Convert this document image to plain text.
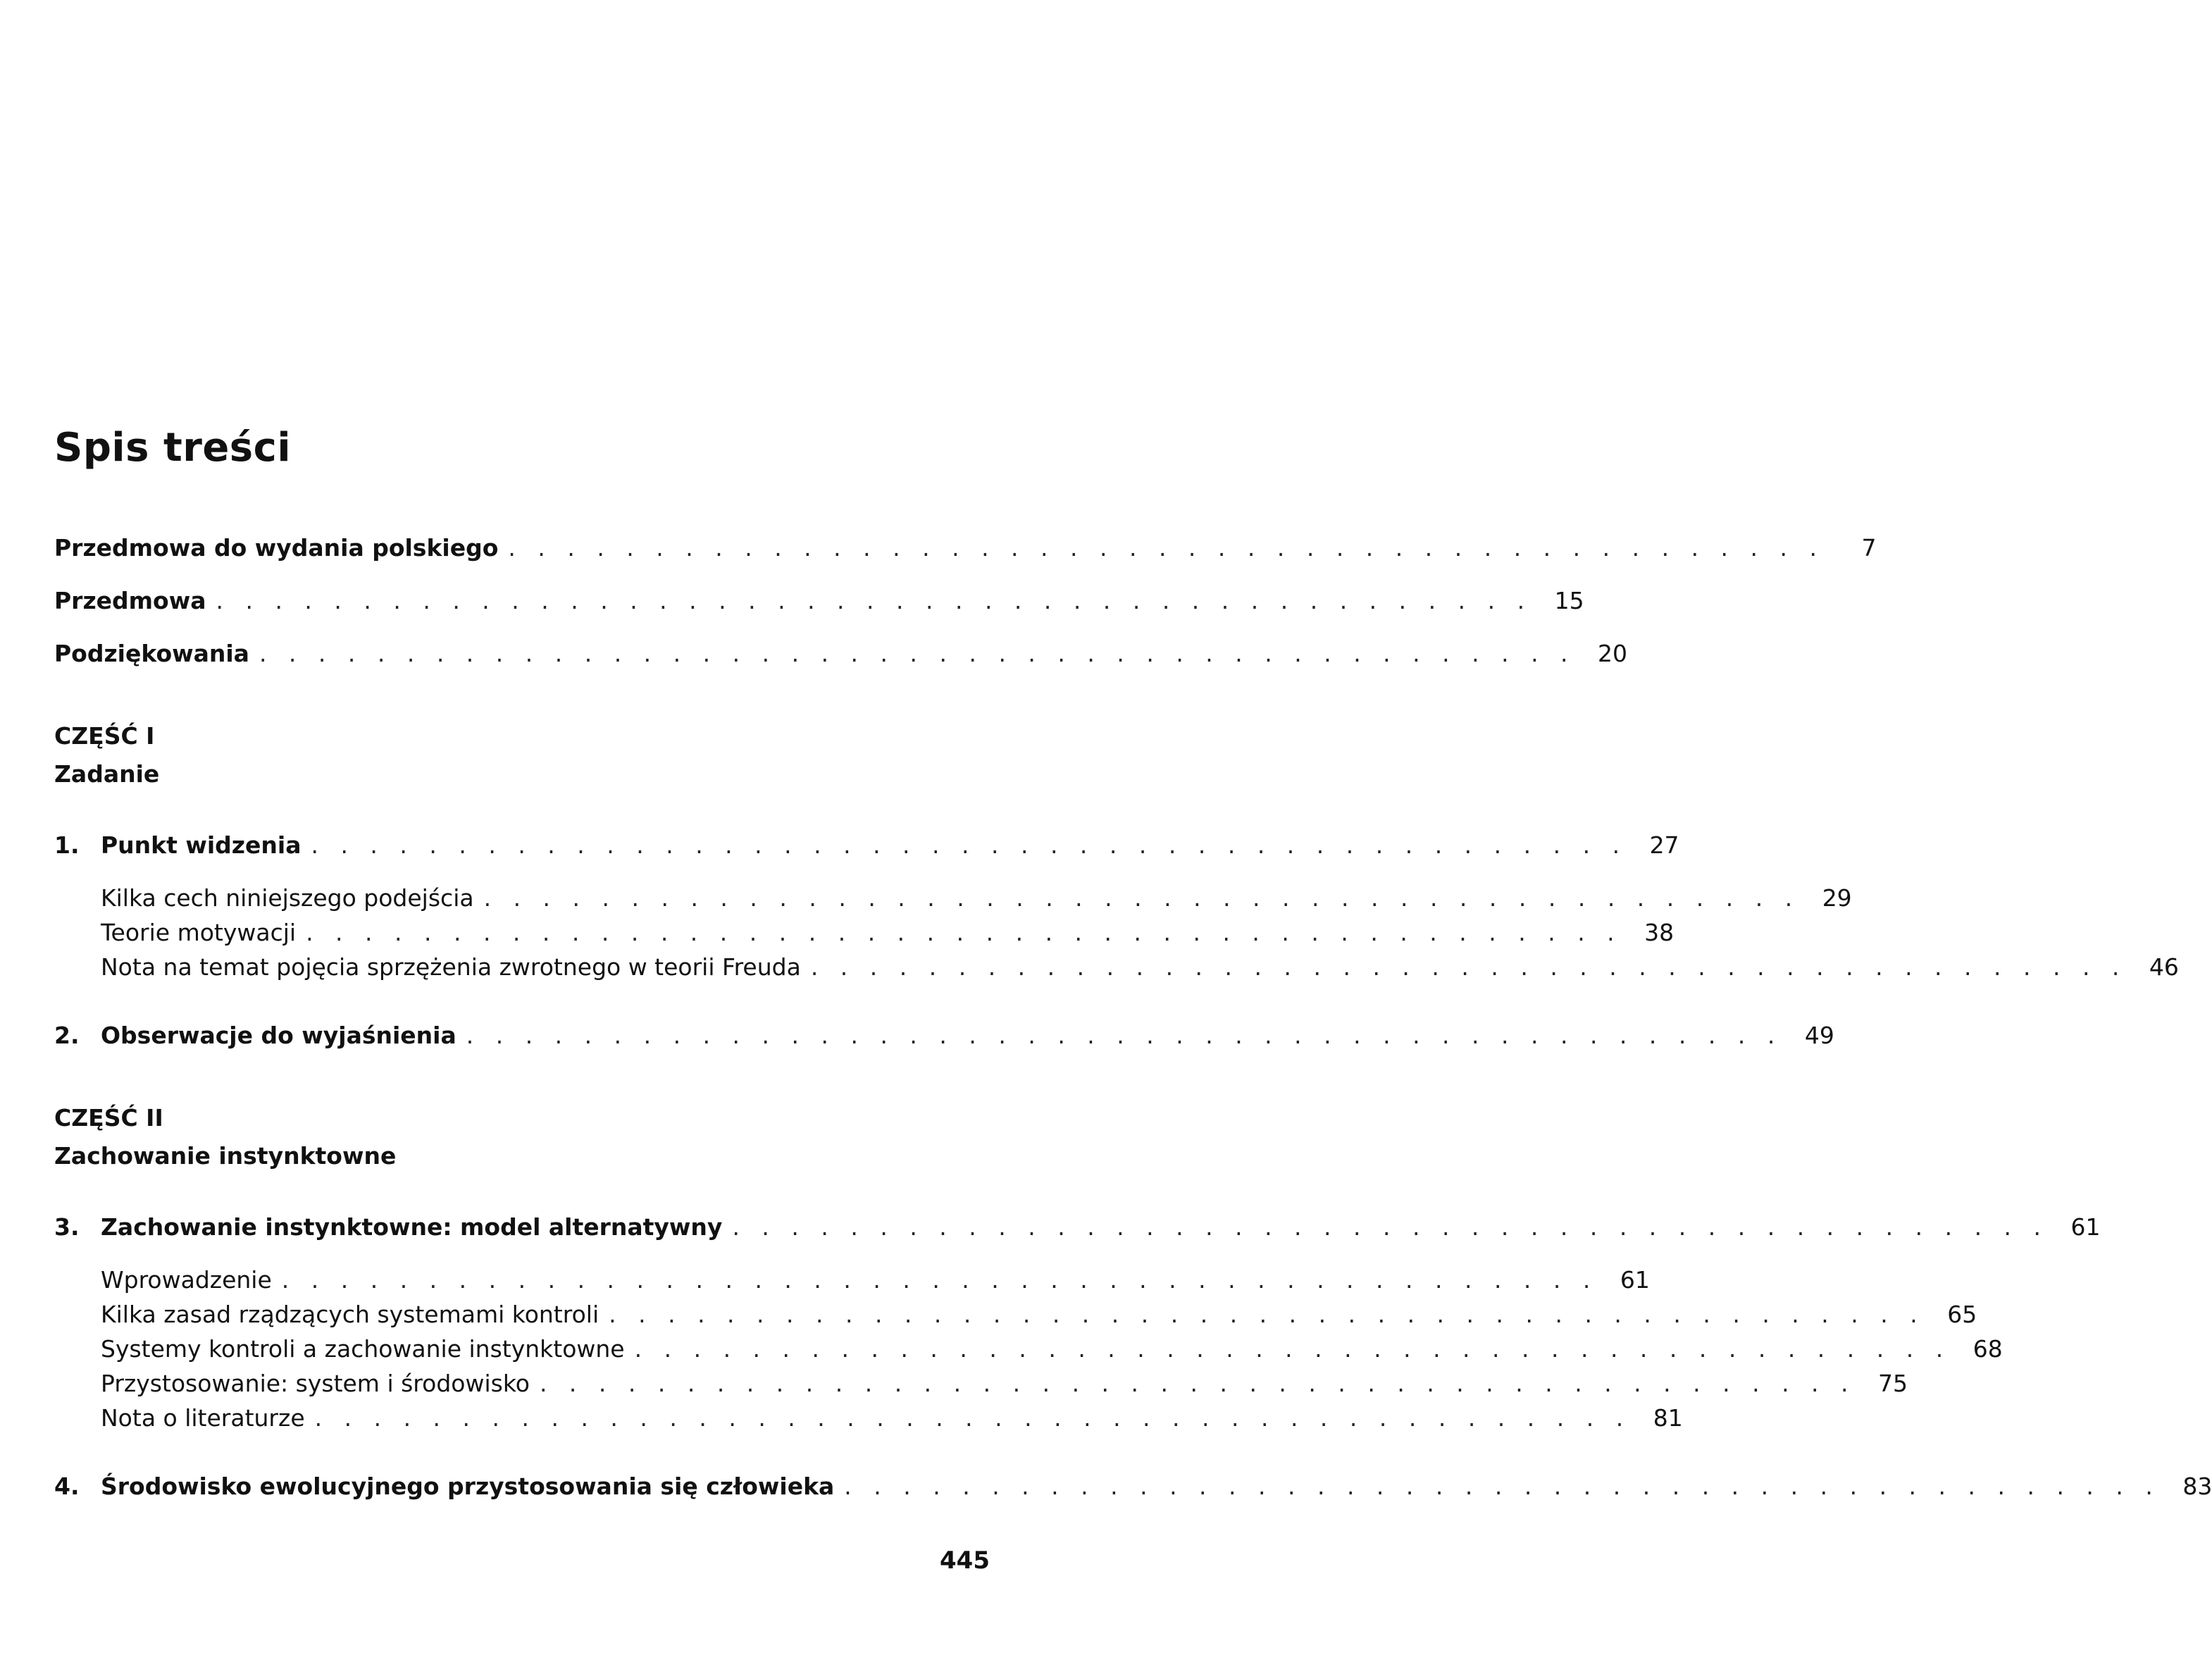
Spis treści
Przedmowa do wydania polskiego . . . . . . . . . . . . . . . . . . . . . . . . . . . . . . . . . . . . . . . . . . . . .	7
Przedmowa . . . . . . . . . . . . . . . . . . . . . . . . . . . . . . . . . . . . . . . . . . . . . 15
Podziękowania . . . . . . . . . . . . . . . . . . . . . . . . . . . . . . . . . . . . . . . . . . . . . 20
CZĘŚĆ I
Zadanie
1. Punkt widzenia . . . . . . . . . . . . . . . . . . . . . . . . . . . . . . . . . . . . . . . . . . . . . 27
Kilka cech niniejszego podejścia . . . . . . . . . . . . . . . . . . . . . . . . . . . . . . . . . . . . . . . . . . . . . 29
Teorie motywacji . . . . . . . . . . . . . . . . . . . . . . . . . . . . . . . . . . . . . . . . . . . . . 38
Nota na temat pojęcia sprzężenia zwrotnego w teorii Freuda . . . . . . . . . . . . . . . . . . . . . . . . . . . . . . . . . . . . . . . . . . . . . 46
2. Obserwacje do wyjaśnienia . . . . . . . . . . . . . . . . . . . . . . . . . . . . . . . . . . . . . . . . . . . . . 49
CZĘŚĆ II
Zachowanie instynktowne
3. Zachowanie instynktowne: model alternatywny . . . . . . . . . . . . . . . . . . . . . . . . . . . . . . . . . . . . . . . . . . . . . 61
Wprowadzenie . . . . . . . . . . . . . . . . . . . . . . . . . . . . . . . . . . . . . . . . . . . . . 61
Kilka zasad rządzących systemami kontroli . . . . . . . . . . . . . . . . . . . . . . . . . . . . . . . . . . . . . . . . . . . . . 65
Systemy kontroli a zachowanie instynktowne . . . . . . . . . . . . . . . . . . . . . . . . . . . . . . . . . . . . . . . . . . . . . 68
Przystosowanie: system i środowisko . . . . . . . . . . . . . . . . . . . . . . . . . . . . . . . . . . . . . . . . . . . . . 75
Nota o literaturze . . . . . . . . . . . . . . . . . . . . . . . . . . . . . . . . . . . . . . . . . . . . . 81
4. Środowisko ewolucyjnego przystosowania się człowieka . . . . . . . . . . . . . . . . . . . . . . . . . . . . . . . . . . . . . . . . . . . . . 83
445
